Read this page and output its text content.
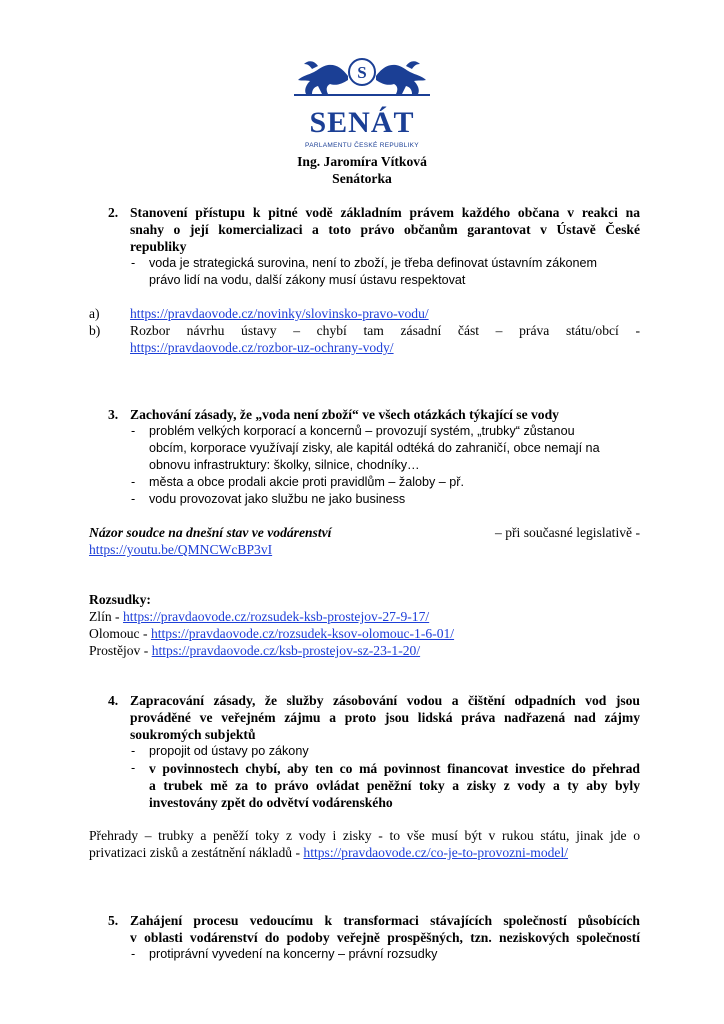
S
SENÁT
PARLAMENTU ČESKÉ REPUBLIKY
Ing. Jaromíra Vítková
Senátorka
2. Stanovení přístupu k pitné vodě základním právem každého občana v reakci na
snahy o její komercializaci a toto právo občanům garantovat v Ústavě České
republiky
- voda je strategická surovina, není to zboží, je třeba definovat ústavním zákonem
právo lidí na vodu, další zákony musí ústavu respektovat
a) https://pravdaovode.cz/novinky/slovinsko-pravo-vodu/
b) Rozbor návrhu ústavy – chybí tam zásadní část – práva státu/obcí -
https://pravdaovode.cz/rozbor-uz-ochrany-vody/
3. Zachování zásady, že „voda není zboží“ ve všech otázkách týkající se vody
- problém velkých korporací a koncernů – provozují systém, „trubky“ zůstanou
obcím, korporace využívají zisky, ale kapitál odtéká do zahraničí, obce nemají na
obnovu infrastruktury: školky, silnice, chodníky…
- města a obce prodali akcie proti pravidlům – žaloby – př.
- vodu provozovat jako službu ne jako business
Názor soudce na dnešní stav ve vodárenství	– při současné legislativě -
https://youtu.be/QMNCWcBP3vI
Rozsudky:
Zlín - https://pravdaovode.cz/rozsudek-ksb-prostejov-27-9-17/
Olomouc - https://pravdaovode.cz/rozsudek-ksov-olomouc-1-6-01/
Prostějov - https://pravdaovode.cz/ksb-prostejov-sz-23-1-20/
4. Zapracování zásady, že služby zásobování vodou a čištění odpadních vod jsou
prováděné ve veřejném zájmu a proto jsou lidská práva nadřazená nad zájmy
soukromých subjektů
- propojit od ústavy po zákony
- v povinnostech chybí, aby ten co má povinnost financovat investice do přehrad
a trubek mě za to právo ovládat peněžní toky a zisky z vody a ty aby byly
investovány zpět do odvětví vodárenského
Přehrady – trubky a peněží toky z vody i zisky - to vše musí být v rukou státu, jinak jde o
privatizaci zisků a zestátnění nákladů - https://pravdaovode.cz/co-je-to-provozni-model/
5. Zahájení procesu vedoucímu k transformaci stávajících společností působících
v oblasti vodárenství do podoby veřejně prospěšných, tzn. neziskových společností
- protiprávní vyvedení na koncerny – právní rozsudky
